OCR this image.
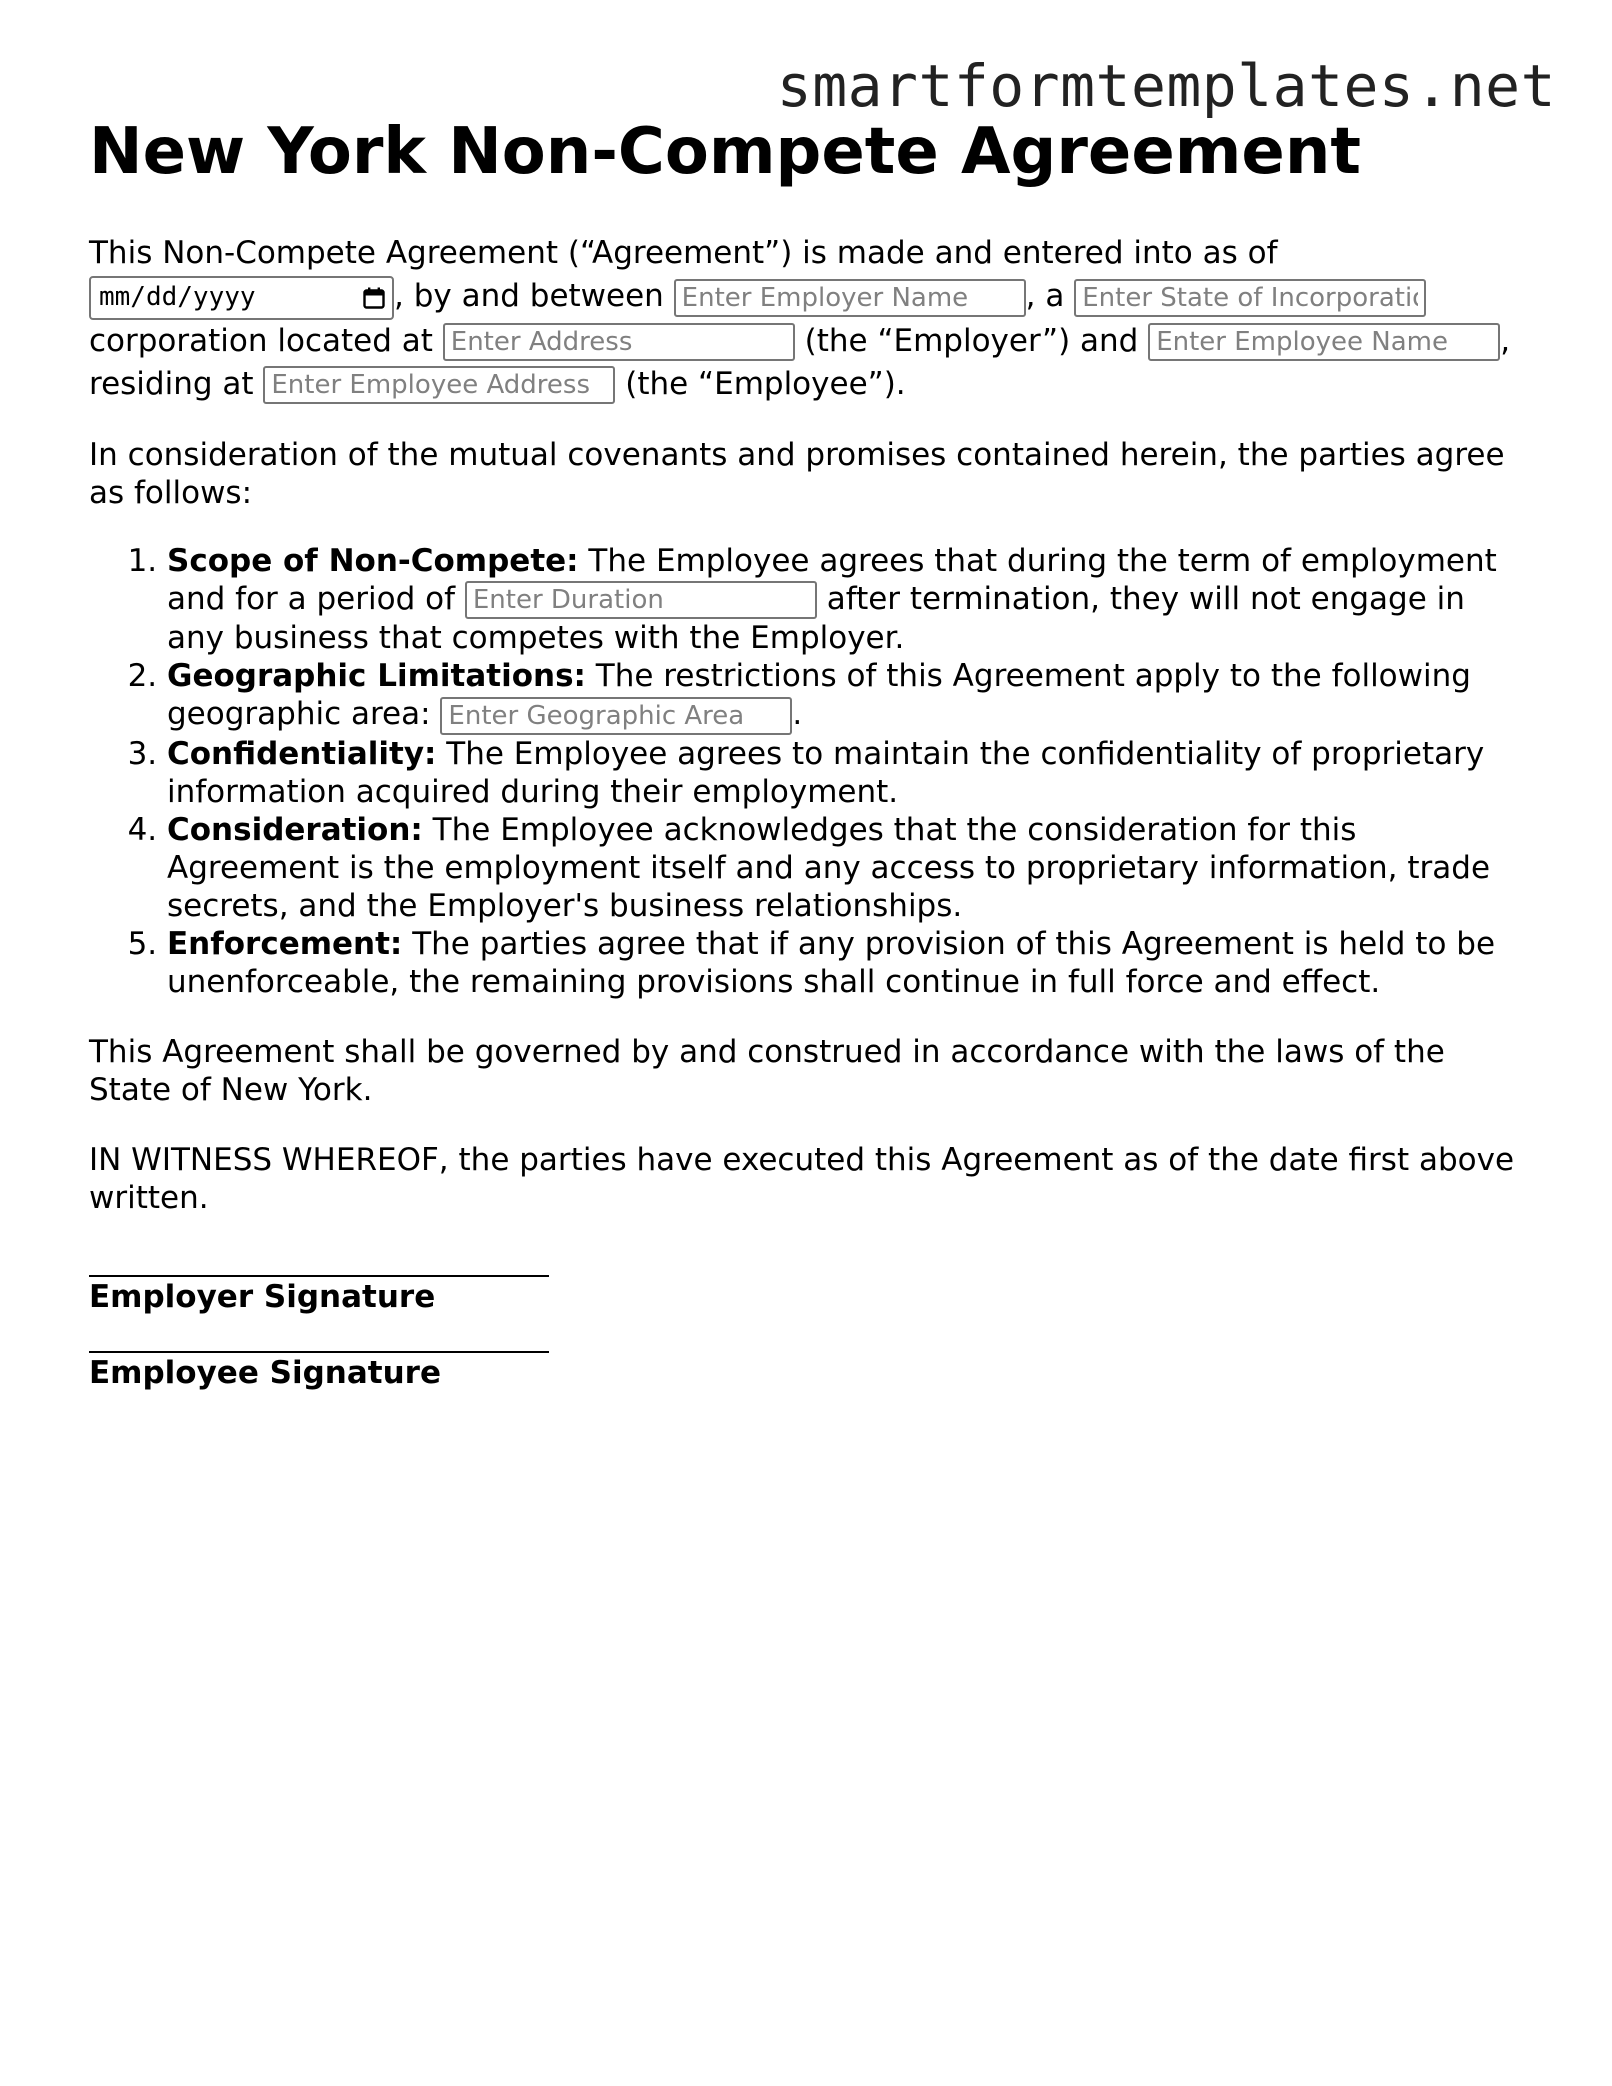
smartformtemplates.net
New York Non-Compete Agreement

This Non-Compete Agreement (“Agreement”) is made and entered into as of
mm/dd/yyyy	, by and between Enter Employer Name	, a Enter State of Incorporation corporation located at Enter Address	(the “Employer”) and Enter Employee Name	, residing at Enter Employee Address	(the “Employee”).

In consideration of the mutual covenants and promises contained herein, the parties agree as follows:

1. Scope of Non-Compete: The Employee agrees that during the term of employment and for a period of Enter Duration	after termination, they will not engage in any business that competes with the Employer.
2. Geographic Limitations: The restrictions of this Agreement apply to the following geographic area: Enter Geographic Area	.
3. Confidentiality: The Employee agrees to maintain the confidentiality of proprietary information acquired during their employment.
4. Consideration: The Employee acknowledges that the consideration for this Agreement is the employment itself and any access to proprietary information, trade secrets, and the Employer's business relationships.
5. Enforcement: The parties agree that if any provision of this Agreement is held to be unenforceable, the remaining provisions shall continue in full force and effect.

This Agreement shall be governed by and construed in accordance with the laws of the State of New York.

IN WITNESS WHEREOF, the parties have executed this Agreement as of the date first above written.

Employer Signature
Employee Signature
